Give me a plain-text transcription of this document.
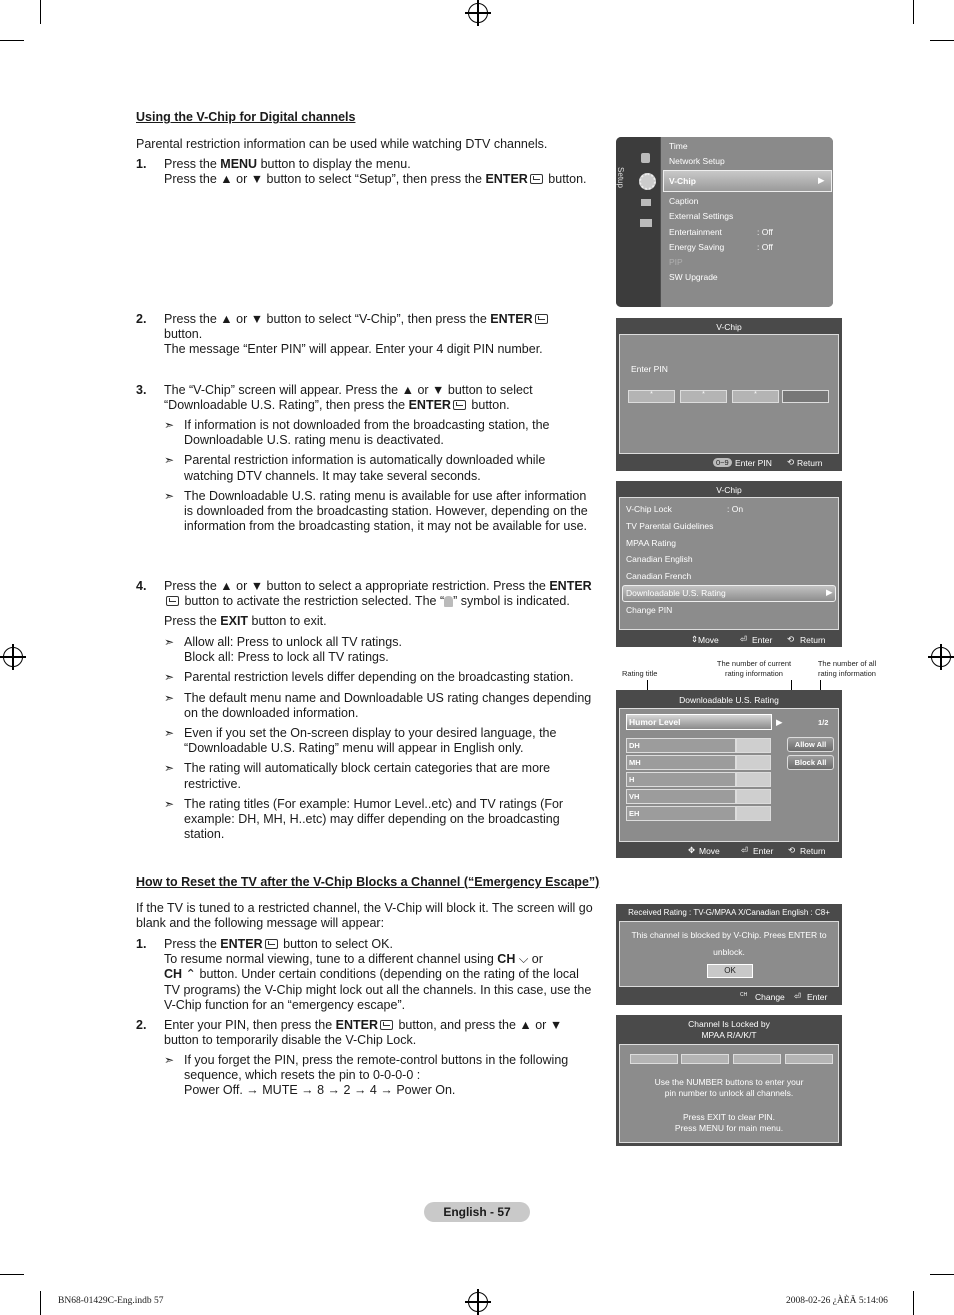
Using the V-Chip for Digital channels
Parental restriction information can be used while watching DTV channels.
1. Press the MENU button to display the menu.
Press the ▲ or ▼ button to select “Setup”, then press the ENTER button.
2. Press the ▲ or ▼ button to select “V-Chip”, then press the ENTER
button.
The message “Enter PIN” will appear. Enter your 4 digit PIN number.
3. The “V-Chip” screen will appear. Press the ▲ or ▼ button to select
“Downloadable U.S. Rating”, then press the ENTER button.
➣ If information is not downloaded from the broadcasting station, the
Downloadable U.S. rating menu is deactivated.
➣ Parental restriction information is automatically downloaded while
watching DTV channels. It may take several seconds.
➣ The Downloadable U.S. rating menu is available for use after information
is downloaded from the broadcasting station. However, depending on the
information from the broadcasting station, it may not be available for use.
4. Press the ▲ or ▼ button to select a appropriate restriction. Press the ENTER
button to activate the restriction selected. The “ ” symbol is indicated.
Press the EXIT button to exit.
➣ Allow all: Press to unlock all TV ratings.
Block all: Press to lock all TV ratings.
➣ Parental restriction levels differ depending on the broadcasting station.
➣ The default menu name and Downloadable US rating changes depending
on the downloaded information.
➣ Even if you set the On-screen display to your desired language, the
“Downloadable U.S. Rating” menu will appear in English only.
➣ The rating will automatically block certain categories that are more
restrictive.
➣ The rating titles (For example: Humor Level..etc) and TV ratings (For
example: DH, MH, H..etc) may differ depending on the broadcasting
station.
How to Reset the TV after the V-Chip Blocks a Channel (“Emergency Escape”)
If the TV is tuned to a restricted channel, the V-Chip will block it. The screen will go
blank and the following message will appear:
1. Press the ENTER button to select OK.
To resume normal viewing, tune to a different channel using CH ⌵ or
CH ⌃ button. Under certain conditions (depending on the rating of the local
TV programs) the V-Chip might lock out all the channels. In this case, use the
V-Chip function for an “emergency escape”.
2. Enter your PIN, then press the ENTER button, and press the ▲ or ▼
button to temporarily disable the V-Chip Lock.
➣ If you forget the PIN, press the remote-control buttons in the following
sequence, which resets the pin to 0-0-0-0 :
Power Off. → MUTE → 8 → 2 → 4 → Power On.
Setup
Time
Network Setup
V-Chip	▶
Caption
External Settings
Entertainment	: Off
Energy Saving	: Off
PIP
SW Upgrade
V-Chip
Enter PIN
*	*	*
0~9 Enter PIN ⟲ Return
V-Chip
V-Chip Lock	: On
TV Parental Guidelines
MPAA Rating
Canadian English
Canadian French
Downloadable U.S. Rating	▶
Change PIN
⇕ Move ⏎ Enter ⟲ Return
Rating title
The number of current
rating information
The number of all
rating information
Downloadable U.S. Rating
Humor Level	▶	1/2
DH
MH
H
VH
EH
Allow All
Block All
✥ Move ⏎ Enter ⟲ Return
Received Rating : TV-G/MPAA X/Canadian English : C8+
This channel is blocked by V-Chip. Prees ENTER to
unblock.
OK
CH Change ⏎ Enter
Channel Is Locked by
MPAA R/A/K/T
Use the NUMBER buttons to enter your
pin number to unlock all channels.
Press EXIT to clear PIN.
Press MENU for main menu.
English - 57
BN68-01429C-Eng.indb 57	2008-02-26 ¿ÀÈÄ 5:14:06
